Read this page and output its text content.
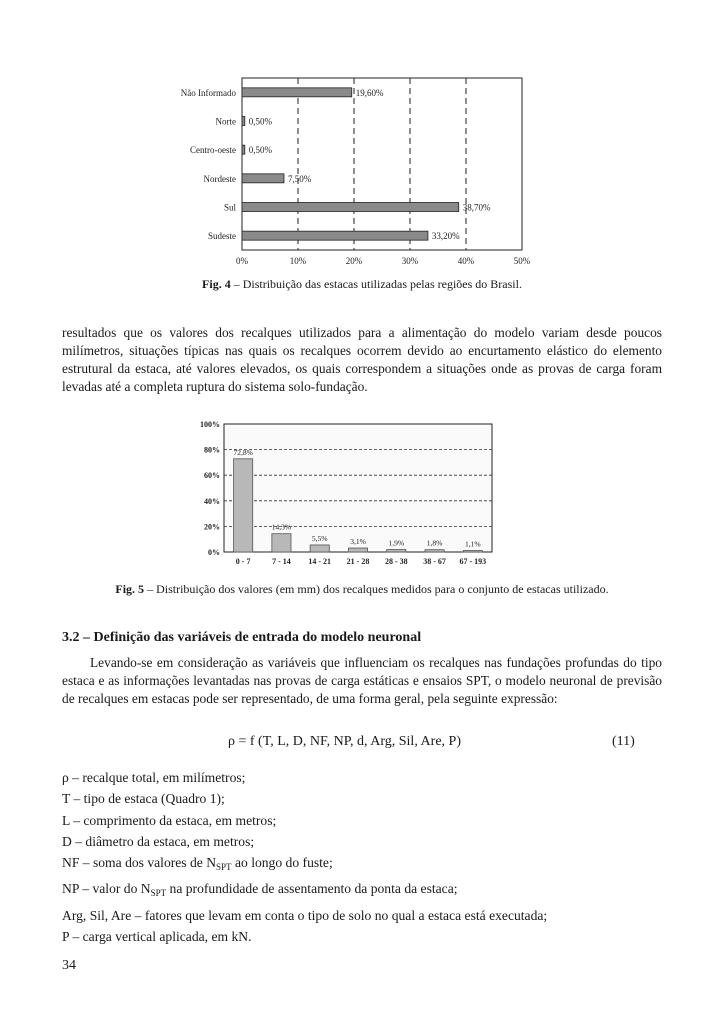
Não Informado
Norte
Centro-oeste
Nordeste
Sul
Sudeste
19,60%
0,50%
0,50%
7,50%
38,70%
33,20%
0%	10%	20%	30%	40%	50%
Fig. 4 – Distribuição das estacas utilizadas pelas regiões do Brasil.
resultados que os valores dos recalques utilizados para a alimentação do modelo variam desde poucos milímetros, situações típicas nas quais os recalques ocorrem devido ao encurtamento elástico do elemento estrutural da estaca, até valores elevados, os quais correspondem a situações onde as provas de carga foram levadas até a completa ruptura do sistema solo-fundação.
72,8%
14,3%
5,5%	3,1%	1,9%	1,8%	1,1%
0%
20%
40%
60%
80%
100%
0 - 7	7 - 14 14 - 21 21 - 28 28 - 38 38 - 67 67 - 193
Fig. 5 – Distribuição dos valores (em mm) dos recalques medidos para o conjunto de estacas utilizado.
3.2 – Definição das variáveis de entrada do modelo neuronal
Levando-se em consideração as variáveis que influenciam os recalques nas fundações profundas do tipo estaca e as informações levantadas nas provas de carga estáticas e ensaios SPT, o modelo neuronal de previsão de recalques em estacas pode ser representado, de uma forma geral, pela seguinte expressão:
ρ = f (T, L, D, NF, NP, d, Arg, Sil, Are, P)	(11)
ρ – recalque total, em milímetros;
T – tipo de estaca (Quadro 1);
L – comprimento da estaca, em metros;
D – diâmetro da estaca, em metros;
NF – soma dos valores de $N_{SPT}$ ao longo do fuste;
NP – valor do $N_{SPT}$ na profundidade de assentamento da ponta da estaca;
Arg, Sil, Are – fatores que levam em conta o tipo de solo no qual a estaca está executada;
P – carga vertical aplicada, em kN.
34
